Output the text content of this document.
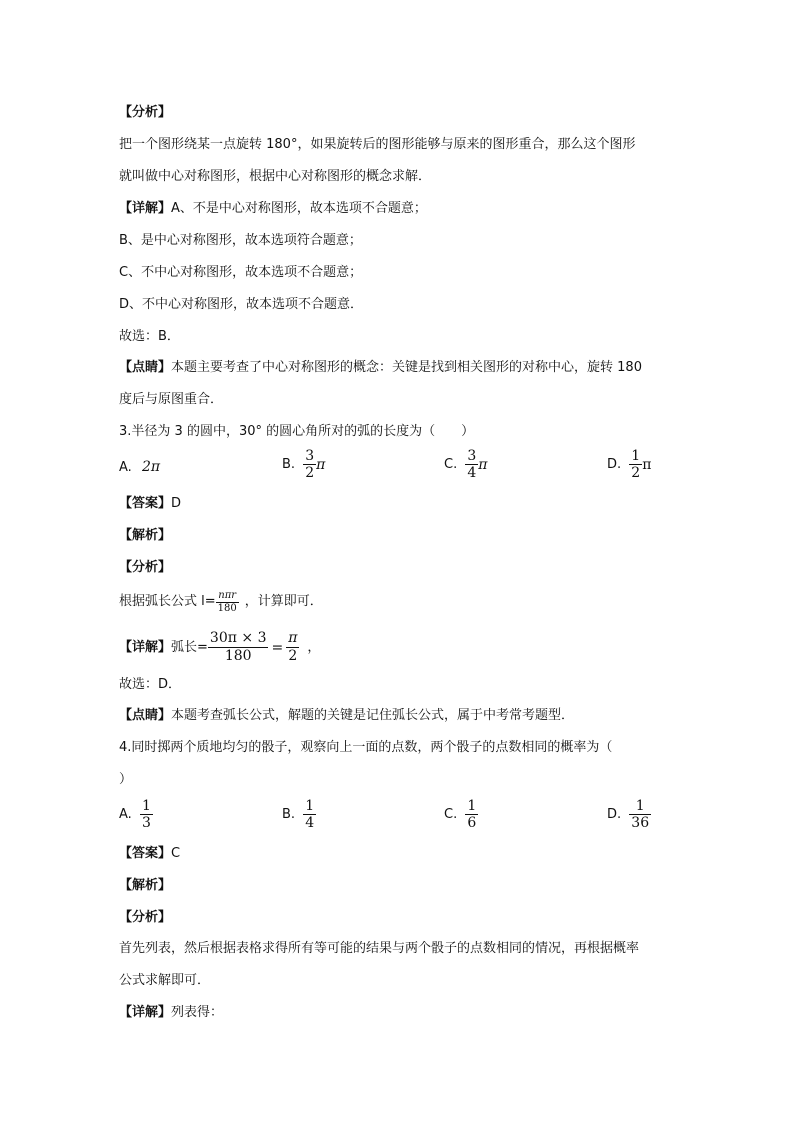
【分析】
把一个图形绕某一点旋转 180°，如果旋转后的图形能够与原来的图形重合，那么这个图形
就叫做中心对称图形，根据中心对称图形的概念求解．
【详解】A、不是中心对称图形，故本选项不合题意；
B、是中心对称图形，故本选项符合题意；
C、不中心对称图形，故本选项不合题意；
D、不中心对称图形，故本选项不合题意．
故选：B．
【点睛】本题主要考查了中心对称图形的概念：关键是找到相关图形的对称中心，旋转 180
度后与原图重合．
3.半径为 3 的圆中，30° 的圆心角所对的弧的长度为（　　）
A. 2π	B. $\frac{3}{2}$ π	C. $\frac{3}{4}$ π	D. $\frac{1}{2}$ π
【答案】D
【解析】
【分析】
根据弧长公式 $l= \frac{\text{nπr}}{180}$ ，计算即可．
【详解】弧长= $\frac{30\pi \times 3}{180} = \frac{\pi}{2}$ ，
故选：D．
【点睛】本题考查弧长公式，解题的关键是记住弧长公式，属于中考常考题型．
4.同时掷两个质地均匀的骰子，观察向上一面的点数，两个骰子的点数相同的概率为（
）
A. $\frac{1}{3}$	B. $\frac{1}{4}$	C. $\frac{1}{6}$	D. $\frac{1}{36}$
【答案】C
【解析】
【分析】
首先列表，然后根据表格求得所有等可能的结果与两个骰子的点数相同的情况，再根据概率
公式求解即可．
【详解】列表得：
